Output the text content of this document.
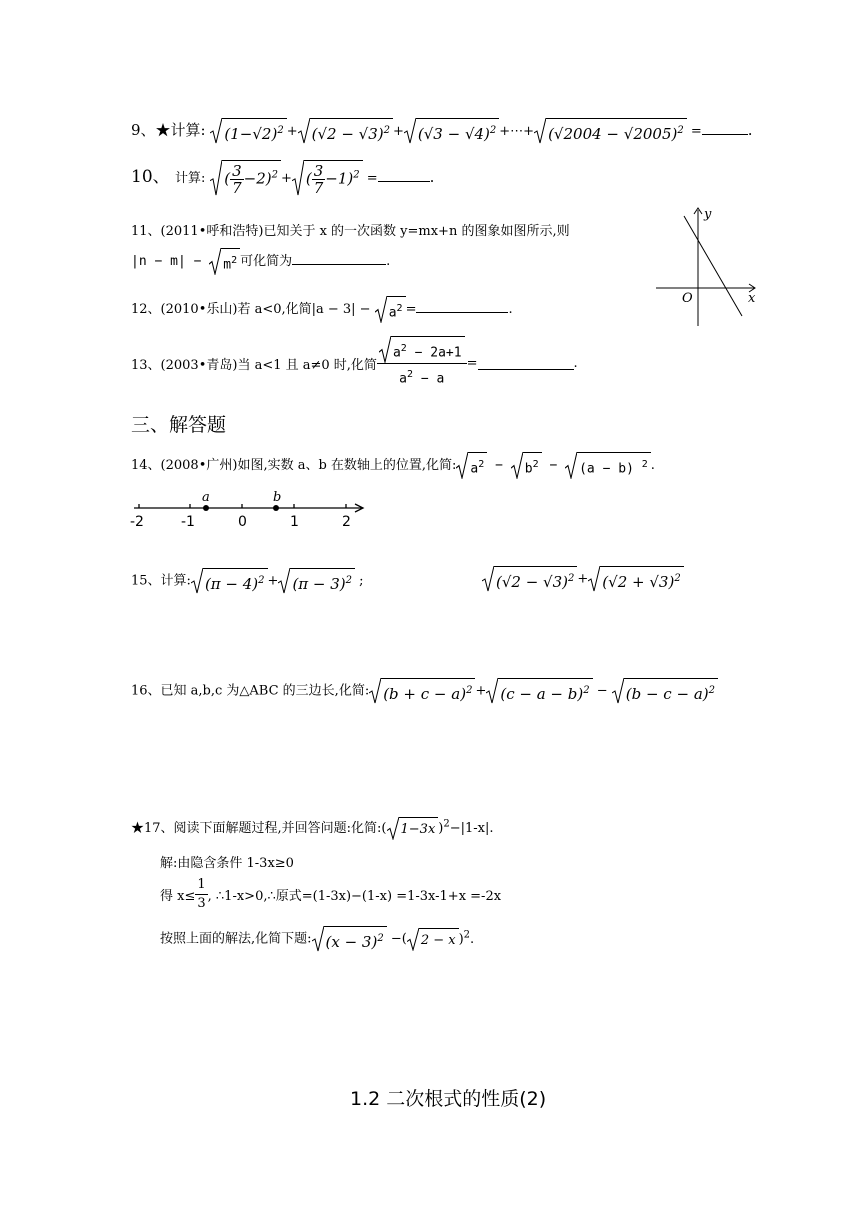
9、★计算: $(1-√2)^2 + (√2 - √3)^2 + (√3 - √4)^2$ +⋯+ $(√2004 - √2005)^2$ =	.
10、 计算: ( $\frac{3}{7} -2)^2$ + ( $\frac{3}{7} -1)^2$ =	.
11、(2011•呼和浩特)已知关于 x 的一次函数 y=mx+n 的图象如图所示,则
$|n - m| - m^2$ 可化简为	.
y
x
O
12、(2010•乐山)若 a<0,化简$|a - 3| - a^2$ =	.
13、(2003•青岛)当 a<1 且 a≠0 时,化简 $\frac{a^2 - 2a+1}{a^2 - a}$ =	.
三、解答题
14、(2008•广州)如图,实数 a、b 在数轴上的位置,化简: $a^2 - b^2 - (a - b)$ $^2$ .
a	b
-2	-1	0	1	2
15、计算: $(\pi - 4)^2 + (\pi - 3)^2$ ;	$(√2 - √3)^2 + (√2 + √3)^2$
16、已知 a,b,c 为△ABC 的三边长,化简: $(b + c - a)^2 + (c - a - b)^2 - (b - c - a)^2$
★17、阅读下面解题过程,并回答问题:化简:( 1−3x )$^2$−|1-x|.
解:由隐含条件 1-3x≥0
得 $x\le \frac{1}{3}$ , ∴1-x>0,∴原式=(1-3x)−(1-x) =1-3x-1+x =-2x
按照上面的解法,化简下题: $(x - 3)^2$ −( 2 − x )$^2$.
1.2 二次根式的性质(2)
